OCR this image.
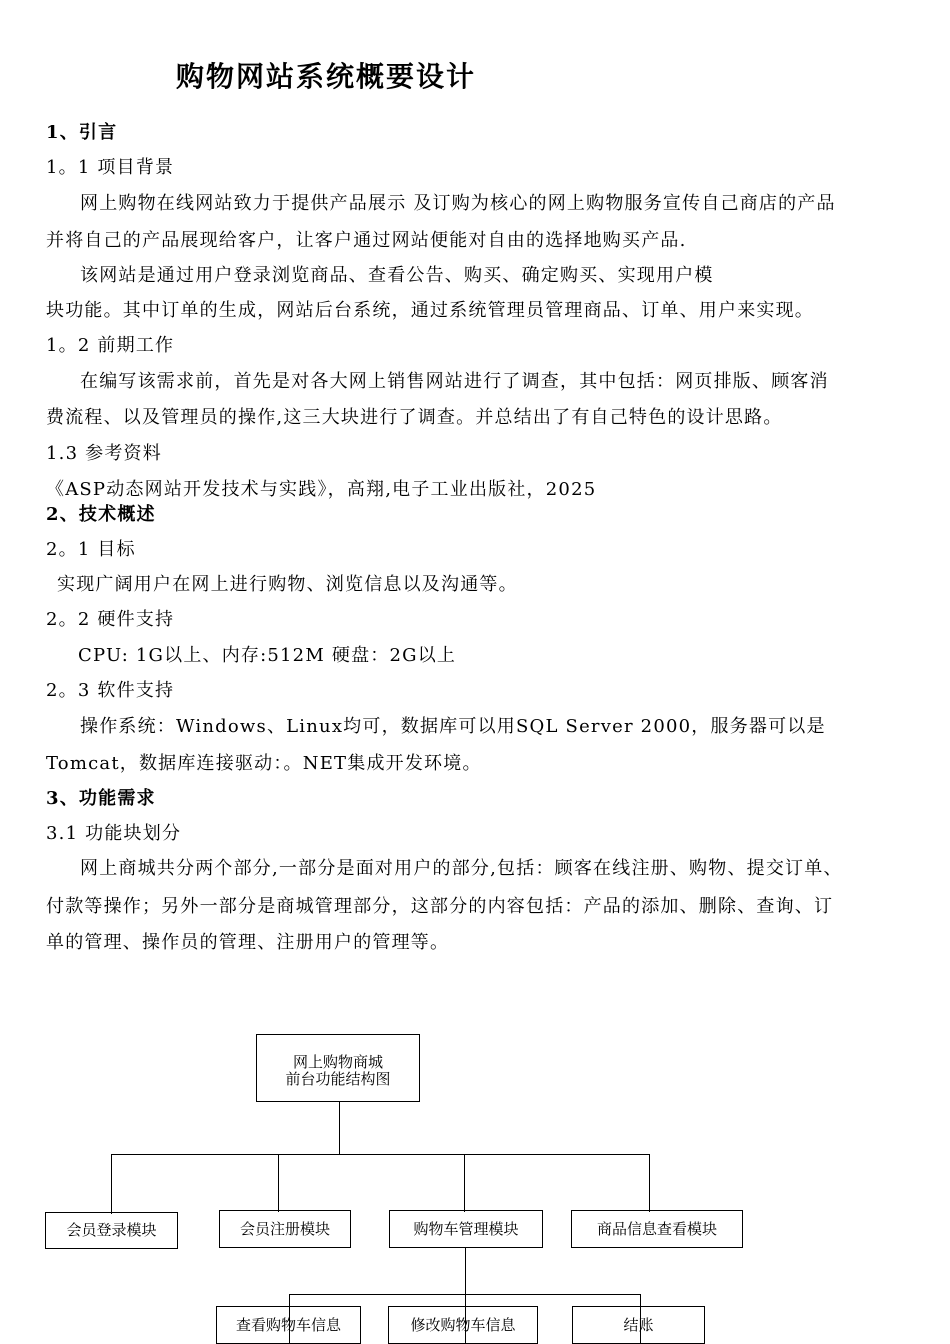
购物网站系统概要设计
1、引言
1。1 项目背景
网上购物在线网站致力于提供产品展示 及订购为核心的网上购物服务宣传自己商店的产品
并将自己的产品展现给客户，让客户通过网站便能对自由的选择地购买产品.
该网站是通过用户登录浏览商品、查看公告、购买、确定购买、实现用户模
块功能。其中订单的生成，网站后台系统，通过系统管理员管理商品、订单、用户来实现。
1。2 前期工作
在编写该需求前，首先是对各大网上销售网站进行了调查，其中包括：网页排版、顾客消
费流程、以及管理员的操作,这三大块进行了调查。并总结出了有自己特色的设计思路。
1.3 参考资料
《ASP动态网站开发技术与实践》，高翔,电子工业出版社，2025
2、技术概述
2。1 目标
实现广阔用户在网上进行购物、浏览信息以及沟通等。
2。2 硬件支持
CPU: 1G以上、内存:512M 硬盘：2G以上
2。3 软件支持
操作系统：Windows、Linux均可，数据库可以用SQL Server 2000，服务器可以是
Tomcat，数据库连接驱动：。NET集成开发环境。
3、功能需求
3.1 功能块划分
网上商城共分两个部分,一部分是面对用户的部分,包括：顾客在线注册、购物、提交订单、
付款等操作；另外一部分是商城管理部分，这部分的内容包括：产品的添加、删除、查询、订
单的管理、操作员的管理、注册用户的管理等。
网上购物商城
前台功能结构图
会员登录模块	会员注册模块	购物车管理模块	商品信息查看模块
查看购物车信息	修改购物车信息	结账
